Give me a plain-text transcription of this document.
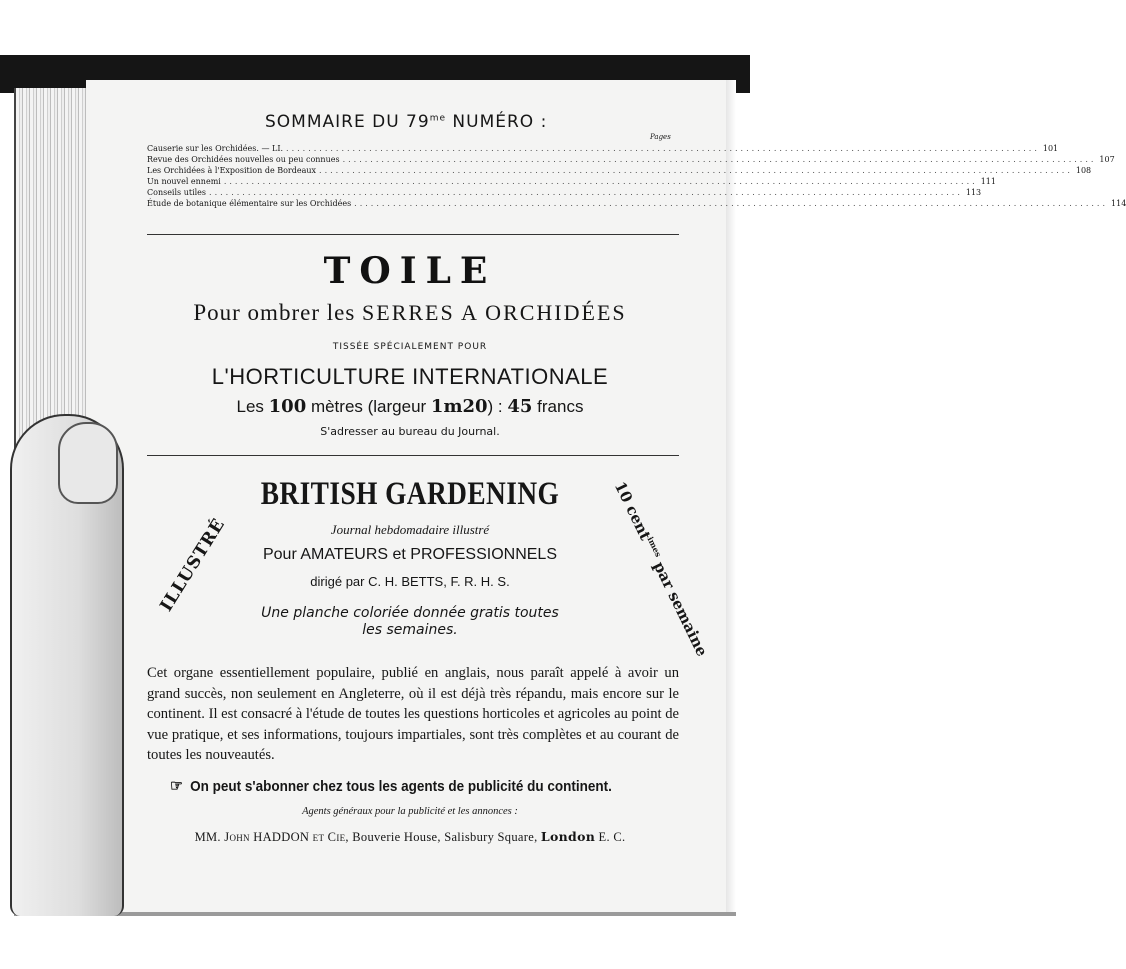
SOMMAIRE DU $79^{me}$ NUMÉRO :
Pages
Causerie sur les Orchidées. — LI. ........................................................................................................................................ 101
Revue des Orchidées nouvelles ou peu connues ........................................................................................................................................ 107
Les Orchidées à l'Exposition de Bordeaux ........................................................................................................................................ 108
Un nouvel ennemi ........................................................................................................................................ 111
Conseils utiles ........................................................................................................................................ 113
Étude de botanique élémentaire sur les Orchidées ........................................................................................................................................ 114
TOILE
Pour ombrer les SERRES A ORCHIDÉES
TISSÉE SPÉCIALEMENT POUR
L'HORTICULTURE INTERNATIONALE
Les 100 mètres (largeur 1m20) : 45 francs
S'adresser au bureau du Journal.
BRITISH GARDENING
Journal hebdomadaire illustré
Pour AMATEURS et PROFESSIONNELS
dirigé par C. H. BETTS, F. R. H. S.
Une planche coloriée donnée gratis toutes
les semaines.
ILLUSTRÉ
10 cent$^{imes}$ par semaine
Cet organe essentiellement populaire, publié en anglais, nous paraît appelé à avoir un grand succès, non seulement en Angleterre, où il est déjà très répandu, mais encore sur le continent. Il est consacré à l'étude de toutes les questions horticoles et agricoles au point de vue pratique, et ses informations, toujours impartiales, sont très complètes et au courant de toutes les nouveautés.
☞ On peut s'abonner chez tous les agents de publicité du continent.
Agents généraux pour la publicité et les annonces :
MM. John HADDON et Cie, Bouverie House, Salisbury Square, London E. C.
